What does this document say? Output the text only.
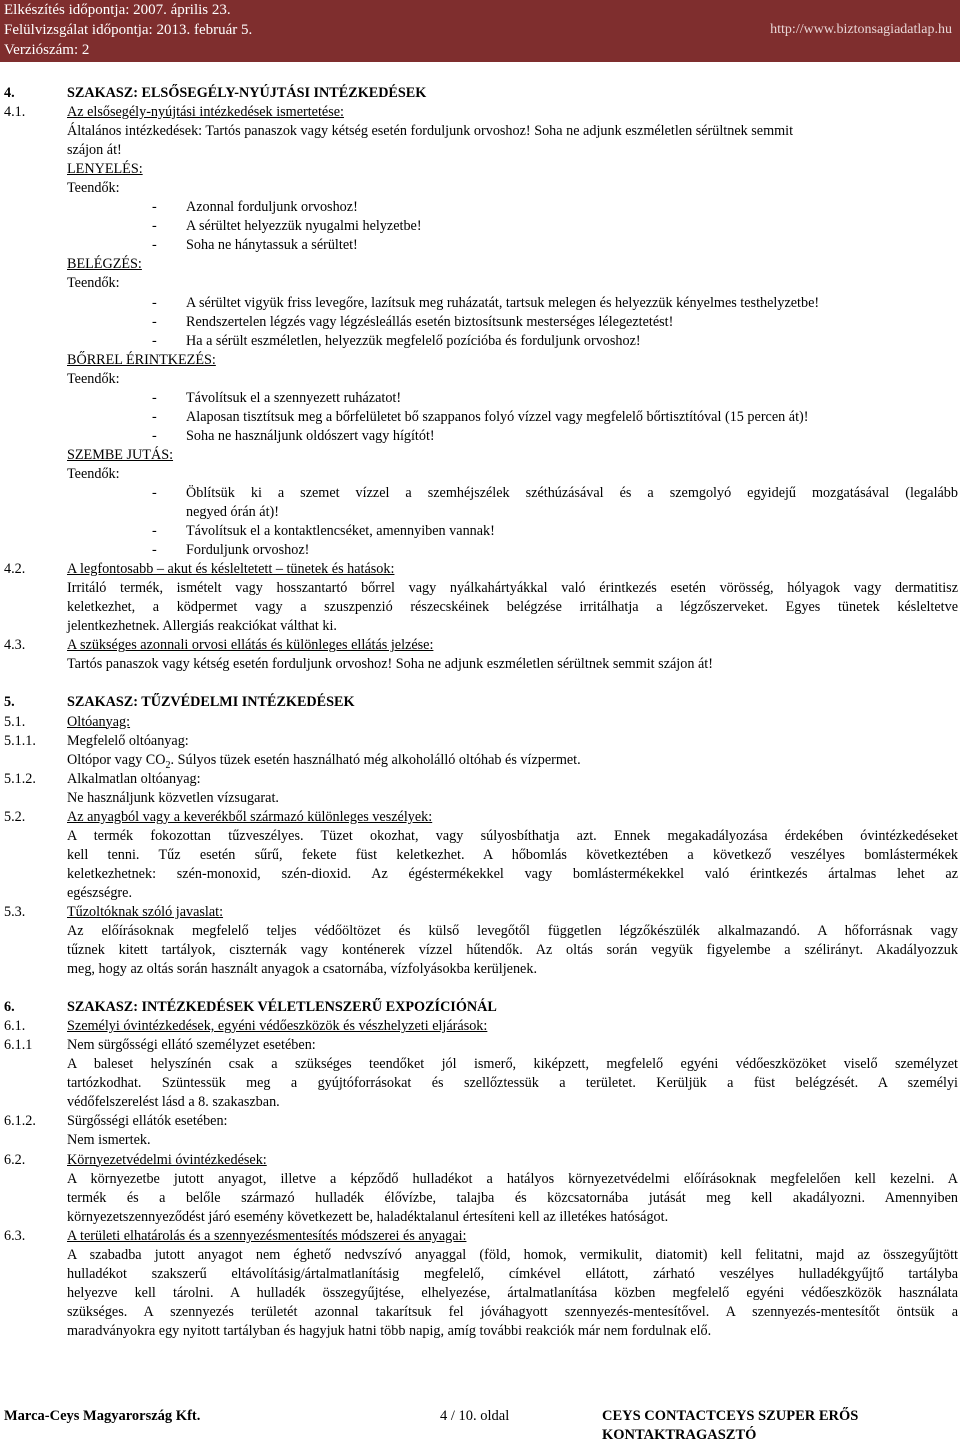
Elkészítés időpontja: 2007. április 23.
Felülvizsgálat időpontja: 2013. február 5.
Verziószám: 2
http://www.biztonsagiadatlap.hu
4.	SZAKASZ: ELSŐSEGÉLY-NYÚJTÁSI INTÉZKEDÉSEK
4.1.	Az elsősegély-nyújtási intézkedések ismertetése:
Általános intézkedések: Tartós panaszok vagy kétség esetén forduljunk orvoshoz! Soha ne adjunk eszméletlen sérültnek semmit
szájon át!
LENYELÉS:
Teendők:
- Azonnal forduljunk orvoshoz!
- A sérültet helyezzük nyugalmi helyzetbe!
- Soha ne hánytassuk a sérültet!
BELÉGZÉS:
Teendők:
- A sérültet vigyük friss levegőre, lazítsuk meg ruházatát, tartsuk melegen és helyezzük kényelmes testhelyzetbe!
- Rendszertelen légzés vagy légzésleállás esetén biztosítsunk mesterséges lélegeztetést!
- Ha a sérült eszméletlen, helyezzük megfelelő pozícióba és forduljunk orvoshoz!
BŐRREL ÉRINTKEZÉS:
Teendők:
- Távolítsuk el a szennyezett ruházatot!
- Alaposan tisztítsuk meg a bőrfelületet bő szappanos folyó vízzel vagy megfelelő bőrtisztítóval (15 percen át)!
- Soha ne használjunk oldószert vagy hígítót!
SZEMBE JUTÁS:
Teendők:
- Öblítsük ki a szemet vízzel a szemhéjszélek széthúzásával és a szemgolyó egyidejű mozgatásával (legalább
negyed órán át)!
- Távolítsuk el a kontaktlencséket, amennyiben vannak!
- Forduljunk orvoshoz!
4.2.	A legfontosabb – akut és késleltetett – tünetek és hatások:
Irritáló termék, ismételt vagy hosszantartó bőrrel vagy nyálkahártyákkal való érintkezés esetén vörösség, hólyagok vagy dermatitisz
keletkezhet, a ködpermet vagy a szuszpenzió részecskéinek belégzése irritálhatja a légzőszerveket. Egyes tünetek késleltetve
jelentkezhetnek. Allergiás reakciókat válthat ki.
4.3.	A szükséges azonnali orvosi ellátás és különleges ellátás jelzése:
Tartós panaszok vagy kétség esetén forduljunk orvoshoz! Soha ne adjunk eszméletlen sérültnek semmit szájon át!
5.	SZAKASZ: TŰZVÉDELMI INTÉZKEDÉSEK
5.1.	Oltóanyag:
5.1.1. Megfelelő oltóanyag:
Oltópor vagy $CO_2$. Súlyos tüzek esetén használható még alkoholálló oltóhab és vízpermet.
5.1.2. Alkalmatlan oltóanyag:
Ne használjunk közvetlen vízsugarat.
5.2.	Az anyagból vagy a keverékből származó különleges veszélyek:
A termék fokozottan tűzveszélyes. Tüzet okozhat, vagy súlyosbíthatja azt. Ennek megakadályozása érdekében óvintézkedéseket
kell tenni. Tűz esetén sűrű, fekete füst keletkezhet. A hőbomlás következtében a következő veszélyes bomlástermékek
keletkezhetnek: szén-monoxid, szén-dioxid. Az égéstermékekkel vagy bomlástermékekkel való érintkezés ártalmas lehet az
egészségre.
5.3.	Tűzoltóknak szóló javaslat:
Az előírásoknak megfelelő teljes védőöltözet és külső levegőtől független légzőkészülék alkalmazandó. A hőforrásnak vagy
tűznek kitett tartályok, ciszternák vagy konténerek vízzel hűtendők. Az oltás során vegyük figyelembe a szélirányt. Akadályozzuk
meg, hogy az oltás során használt anyagok a csatornába, vízfolyásokba kerüljenek.
6.	SZAKASZ: INTÉZKEDÉSEK VÉLETLENSZERŰ EXPOZÍCIÓNÁL
6.1.	Személyi óvintézkedések, egyéni védőeszközök és vészhelyzeti eljárások:
6.1.1 Nem sürgősségi ellátó személyzet esetében:
A baleset helyszínén csak a szükséges teendőket jól ismerő, kiképzett, megfelelő egyéni védőeszközöket viselő személyzet
tartózkodhat. Szüntessük meg a gyújtóforrásokat és szellőztessük a területet. Kerüljük a füst belégzését. A személyi
védőfelszerelést lásd a 8. szakaszban.
6.1.2. Sürgősségi ellátók esetében:
Nem ismertek.
6.2.	Környezetvédelmi óvintézkedések:
A környezetbe jutott anyagot, illetve a képződő hulladékot a hatályos környezetvédelmi előírásoknak megfelelően kell kezelni. A
termék és a belőle származó hulladék élővízbe, talajba és közcsatornába jutását meg kell akadályozni. Amennyiben
környezetszennyeződést járó esemény következett be, haladéktalanul értesíteni kell az illetékes hatóságot.
6.3.	A területi elhatárolás és a szennyezésmentesítés módszerei és anyagai:
A szabadba jutott anyagot nem éghető nedvszívó anyaggal (föld, homok, vermikulit, diatomit) kell felitatni, majd az összegyűjtött
hulladékot szakszerű eltávolításig/ártalmatlanításig megfelelő, címkével ellátott, zárható veszélyes hulladékgyűjtő tartályba
helyezve kell tárolni. A hulladék összegyűjtése, elhelyezése, ártalmatlanítása közben megfelelő egyéni védőeszközök használata
szükséges. A szennyezés területét azonnal takarítsuk fel jóváhagyott szennyezés-mentesítővel. A szennyezés-mentesítőt öntsük a
maradványokra egy nyitott tartályban és hagyjuk hatni több napig, amíg további reakciók már nem fordulnak elő.
Marca-Ceys Magyarország Kft.	4 / 10. oldal	CEYS CONTACTCEYS SZUPER ERŐS
KONTAKTRAGASZTÓ
